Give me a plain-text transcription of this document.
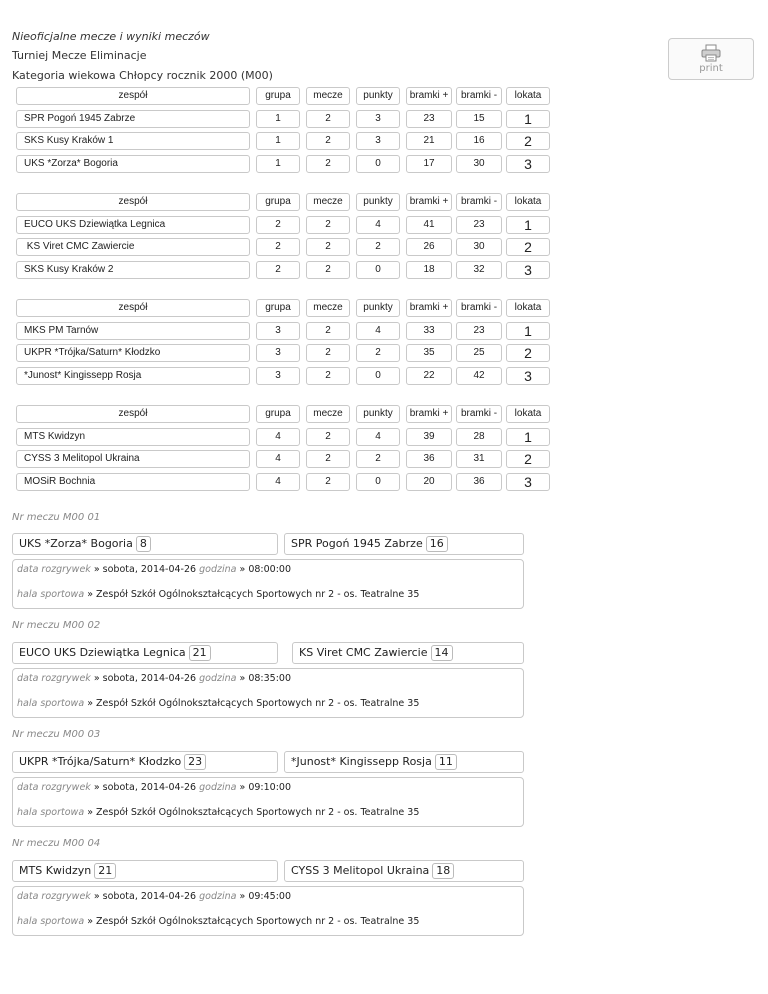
Nieoficjalne mecze i wyniki meczów
Turniej Mecze Eliminacje
Kategoria wiekowa Chłopcy rocznik 2000 (M00)
print
zespół	grupa	mecze	punkty	bramki +	bramki -	lokata
SPR Pogoń 1945 Zabrze	1	2	3	23	15	1
SKS Kusy Kraków 1	1	2	3	21	16	2
UKS *Zorza* Bogoria	1	2	0	17	30	3
zespół	grupa	mecze	punkty	bramki +	bramki -	lokata
EUCO UKS Dziewiątka Legnica	2	2	4	41	23	1
KS Viret CMC Zawiercie	2	2	2	26	30	2
SKS Kusy Kraków 2	2	2	0	18	32	3
zespół	grupa	mecze	punkty	bramki +	bramki -	lokata
MKS PM Tarnów	3	2	4	33	23	1
UKPR *Trójka/Saturn* Kłodzko	3	2	2	35	25	2
*Junost* Kingissepp Rosja	3	2	0	22	42	3
zespół	grupa	mecze	punkty	bramki +	bramki -	lokata
MTS Kwidzyn	4	2	4	39	28	1
CYSS 3 Melitopol Ukraina	4	2	2	36	31	2
MOSiR Bochnia	4	2	0	20	36	3
Nr meczu M00 01
UKS *Zorza* Bogoria 8	SPR Pogoń 1945 Zabrze 16
data rozgrywek » sobota, 2014-04-26 godzina » 08:00:00
hala sportowa » Zespół Szkół Ogólnokształcących Sportowych nr 2 - os. Teatralne 35
Nr meczu M00 02
EUCO UKS Dziewiątka Legnica 21	KS Viret CMC Zawiercie 14
data rozgrywek » sobota, 2014-04-26 godzina » 08:35:00
hala sportowa » Zespół Szkół Ogólnokształcących Sportowych nr 2 - os. Teatralne 35
Nr meczu M00 03
UKPR *Trójka/Saturn* Kłodzko 23	*Junost* Kingissepp Rosja 11
data rozgrywek » sobota, 2014-04-26 godzina » 09:10:00
hala sportowa » Zespół Szkół Ogólnokształcących Sportowych nr 2 - os. Teatralne 35
Nr meczu M00 04
MTS Kwidzyn 21	CYSS 3 Melitopol Ukraina 18
data rozgrywek » sobota, 2014-04-26 godzina » 09:45:00
hala sportowa » Zespół Szkół Ogólnokształcących Sportowych nr 2 - os. Teatralne 35
